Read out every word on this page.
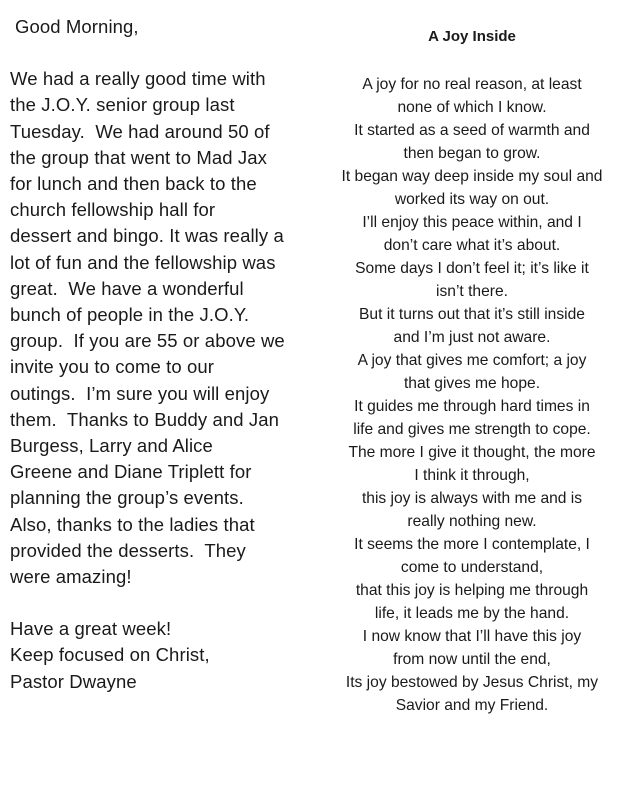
Good Morning,
We had a really good time with
the J.O.Y. senior group last
Tuesday.  We had around 50 of
the group that went to Mad Jax
for lunch and then back to the
church fellowship hall for
dessert and bingo. It was really a
lot of fun and the fellowship was
great.  We have a wonderful
bunch of people in the J.O.Y.
group.  If you are 55 or above we
invite you to come to our
outings.  I’m sure you will enjoy
them.  Thanks to Buddy and Jan
Burgess, Larry and Alice
Greene and Diane Triplett for
planning the group’s events.
Also, thanks to the ladies that
provided the desserts.  They
were amazing!
Have a great week!
Keep focused on Christ,
Pastor Dwayne
A Joy Inside
A joy for no real reason, at least
none of which I know.
It started as a seed of warmth and
then began to grow.
It began way deep inside my soul and
worked its way on out.
I’ll enjoy this peace within, and I
don’t care what it’s about.
Some days I don’t feel it; it’s like it
isn’t there.
But it turns out that it’s still inside
and I’m just not aware.
A joy that gives me comfort; a joy
that gives me hope.
It guides me through hard times in
life and gives me strength to cope.
The more I give it thought, the more
I think it through,
this joy is always with me and is
really nothing new.
It seems the more I contemplate, I
come to understand,
that this joy is helping me through
life, it leads me by the hand.
I now know that I’ll have this joy
from now until the end,
Its joy bestowed by Jesus Christ, my
Savior and my Friend.
